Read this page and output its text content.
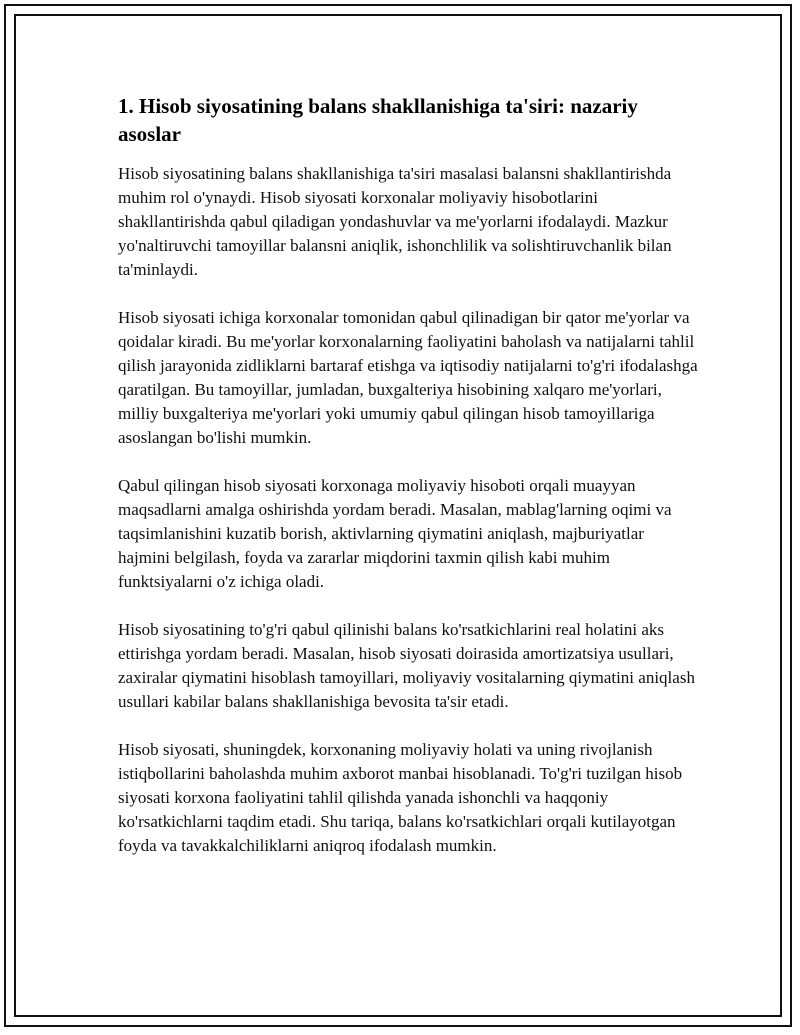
1. Hisob siyosatining balans shakllanishiga ta'siri: nazariy asoslar

Hisob siyosatining balans shakllanishiga ta'siri masalasi balansni shakllantirishda muhim rol o'ynaydi. Hisob siyosati korxonalar moliyaviy hisobotlarini shakllantirishda qabul qiladigan yondashuvlar va me'yorlarni ifodalaydi. Mazkur yo'naltiruvchi tamoyillar balansni aniqlik, ishonchlilik va solishtiruvchanlik bilan ta'minlaydi.

Hisob siyosati ichiga korxonalar tomonidan qabul qilinadigan bir qator me'yorlar va qoidalar kiradi. Bu me'yorlar korxonalarning faoliyatini baholash va natijalarni tahlil qilish jarayonida zidliklarni bartaraf etishga va iqtisodiy natijalarni to'g'ri ifodalashga qaratilgan. Bu tamoyillar, jumladan, buxgalteriya hisobining xalqaro me'yorlari, milliy buxgalteriya me'yorlari yoki umumiy qabul qilingan hisob tamoyillariga asoslangan bo'lishi mumkin.

Qabul qilingan hisob siyosati korxonaga moliyaviy hisoboti orqali muayyan maqsadlarni amalga oshirishda yordam beradi. Masalan, mablag'larning oqimi va taqsimlanishini kuzatib borish, aktivlarning qiymatini aniqlash, majburiyatlar hajmini belgilash, foyda va zararlar miqdorini taxmin qilish kabi muhim funktsiyalarni o'z ichiga oladi.

Hisob siyosatining to'g'ri qabul qilinishi balans ko'rsatkichlarini real holatini aks ettirishga yordam beradi. Masalan, hisob siyosati doirasida amortizatsiya usullari, zaxiralar qiymatini hisoblash tamoyillari, moliyaviy vositalarning qiymatini aniqlash usullari kabilar balans shakllanishiga bevosita ta'sir etadi.

Hisob siyosati, shuningdek, korxonaning moliyaviy holati va uning rivojlanish istiqbollarini baholashda muhim axborot manbai hisoblanadi. To'g'ri tuzilgan hisob siyosati korxona faoliyatini tahlil qilishda yanada ishonchli va haqqoniy ko'rsatkichlarni taqdim etadi. Shu tariqa, balans ko'rsatkichlari orqali kutilayotgan foyda va tavakkalchiliklarni aniqroq ifodalash mumkin.
